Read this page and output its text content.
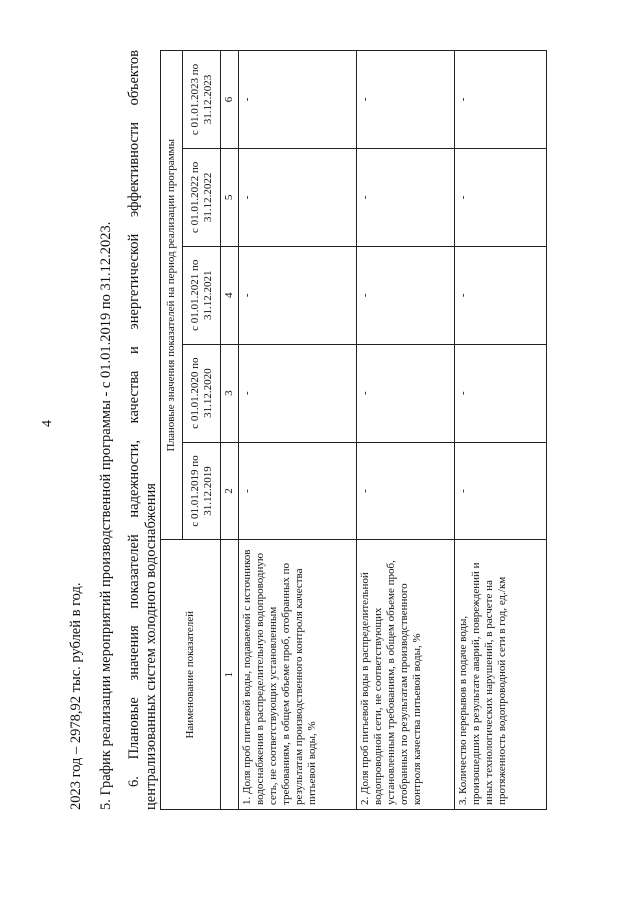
4
2023 год – 2978,92 тыс. рублей в год. 5. График реализации мероприятий производственной программы - с 01.01.2019 по 31.12.2023. 6.
Плановые
значения
показателей
надежности,
качества
и
энергетической
эффективности
объектов
централизованных систем холодного водоснабжения Наименование показателей	Плановые значения показателей на период реализации программы				
	с 01.01.2019 по 31.12.2019	с 01.01.2020 по 31.12.2020	с 01.01.2021 по 31.12.2021	с 01.01.2022 по 31.12.2022	с 01.01.2023 по 31.12.2023
1	2	3	4	5	6
1. Доля проб питьевой воды, подаваемой с источников водоснабжения в распределительную водопроводную сеть, не соответствующих установленным требованиям, в общем объеме проб, отобранных по результатам производственного контроля качества питьевой воды, %	-	-	-	-	-
2. Доля проб питьевой воды в распределительной водопроводной сети, не соответствующих установленным требованиям, в общем объеме проб, отобранных по результатам производственного контроля качества питьевой воды, %	-	-	-	-	-
3. Количество перерывов в подаче воды, произошедших в результате аварий, повреждений и иных технологических нарушений, в расчете на протяженность водопроводной сети в год, ед./км	-	-	-	-	-
